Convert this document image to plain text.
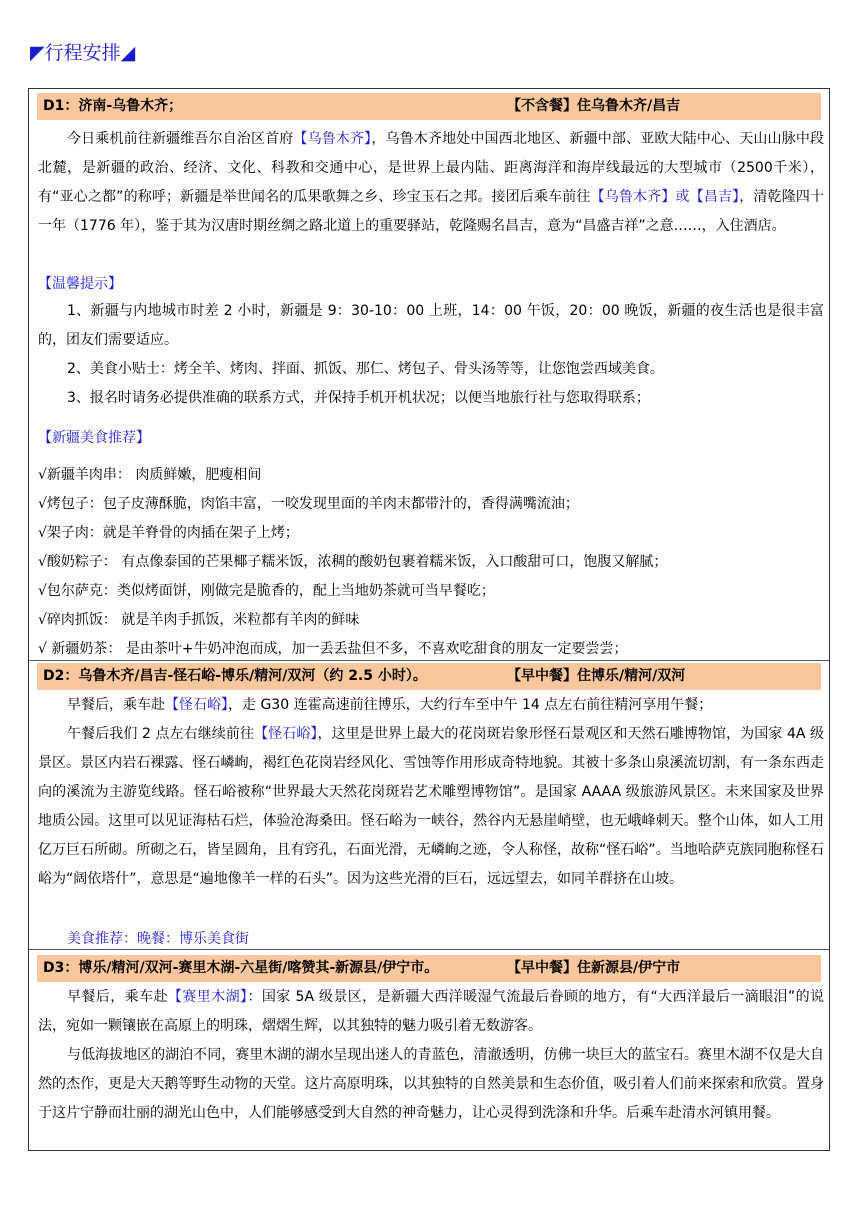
◤行程安排◢
D1：济南-乌鲁木齐；	【不含餐】住乌鲁木齐/昌吉
今日乘机前往新疆维吾尔自治区首府【乌鲁木齐】，乌鲁木齐地处中国西北地区、新疆中部、亚欧大陆中心、天山山脉中段北麓，是新疆的政治、经济、文化、科教和交通中心，是世界上最内陆、距离海洋和海岸线最远的大型城市（2500千米），有“亚心之都”的称呼；新疆是举世闻名的瓜果歌舞之乡、珍宝玉石之邦。接团后乘车前往【乌鲁木齐】或【昌吉】，清乾隆四十一年（1776 年），鉴于其为汉唐时期丝绸之路北道上的重要驿站，乾隆赐名昌吉，意为“昌盛吉祥”之意……，入住酒店。
【温馨提示】
1、新疆与内地城市时差 2 小时，新疆是 9：30-10：00 上班，14：00 午饭，20：00 晚饭，新疆的夜生活也是很丰富的，团友们需要适应。
2、美食小贴士：烤全羊、烤肉、拌面、抓饭、那仁、烤包子、骨头汤等等，让您饱尝西域美食。
3、报名时请务必提供准确的联系方式，并保持手机开机状况；以便当地旅行社与您取得联系；
【新疆美食推荐】
√新疆羊肉串： 肉质鲜嫩，肥瘦相间
√烤包子：包子皮薄酥脆，肉馅丰富，一咬发现里面的羊肉末都带汁的，香得满嘴流油；
√架子肉：就是羊脊骨的肉插在架子上烤；
√酸奶粽子： 有点像泰国的芒果椰子糯米饭，浓稠的酸奶包裹着糯米饭，入口酸甜可口，饱腹又解腻；
√包尔萨克：类似烤面饼，刚做完是脆香的，配上当地奶茶就可当早餐吃；
√碎肉抓饭： 就是羊肉手抓饭，米粒都有羊肉的鲜味
√ 新疆奶茶： 是由茶叶+牛奶冲泡而成，加一丢丢盐但不多，不喜欢吃甜食的朋友一定要尝尝；
D2：乌鲁木齐/昌吉-怪石峪-博乐/精河/双河（约 2.5 小时）。	【早中餐】住博乐/精河/双河
早餐后，乘车赴【怪石峪】，走 G30 连霍高速前往博乐，大约行车至中午 14 点左右前往精河享用午餐；
午餐后我们 2 点左右继续前往【怪石峪】，这里是世界上最大的花岗斑岩象形怪石景观区和天然石雕博物馆，为国家 4A 级景区。景区内岩石裸露、怪石嶙峋，褐红色花岗岩经风化、雪蚀等作用形成奇特地貌。其被十多条山泉溪流切割，有一条东西走向的溪流为主游览线路。怪石峪被称“世界最大天然花岗斑岩艺术雕塑博物馆”。是国家 AAAA 级旅游风景区。未来国家及世界地质公园。这里可以见证海枯石烂，体验沧海桑田。怪石峪为一峡谷，然谷内无悬崖峭壁，也无峨峰刺天。整个山体，如人工用亿万巨石所砌。所砌之石，皆呈圆角，且有窍孔，石面光滑，无嶙峋之迹，令人称怪，故称“怪石峪”。当地哈萨克族同胞称怪石峪为“阔依塔什”，意思是“遍地像羊一样的石头”。因为这些光滑的巨石，远远望去，如同羊群挤在山坡。
美食推荐：晚餐：博乐美食街
D3：博乐/精河/双河-赛里木湖-六星街/喀赞其-新源县/伊宁市。	【早中餐】住新源县/伊宁市
早餐后，乘车赴【赛里木湖】：国家 5A 级景区，是新疆大西洋暖湿气流最后眷顾的地方，有“大西洋最后一滴眼泪”的说法，宛如一颗镶嵌在高原上的明珠，熠熠生辉，以其独特的魅力吸引着无数游客。
与低海拔地区的湖泊不同，赛里木湖的湖水呈现出迷人的青蓝色，清澈透明，仿佛一块巨大的蓝宝石。赛里木湖不仅是大自然的杰作，更是大天鹅等野生动物的天堂。这片高原明珠，以其独特的自然美景和生态价值，吸引着人们前来探索和欣赏。置身于这片宁静而壮丽的湖光山色中，人们能够感受到大自然的神奇魅力，让心灵得到洗涤和升华。后乘车赴清水河镇用餐。
